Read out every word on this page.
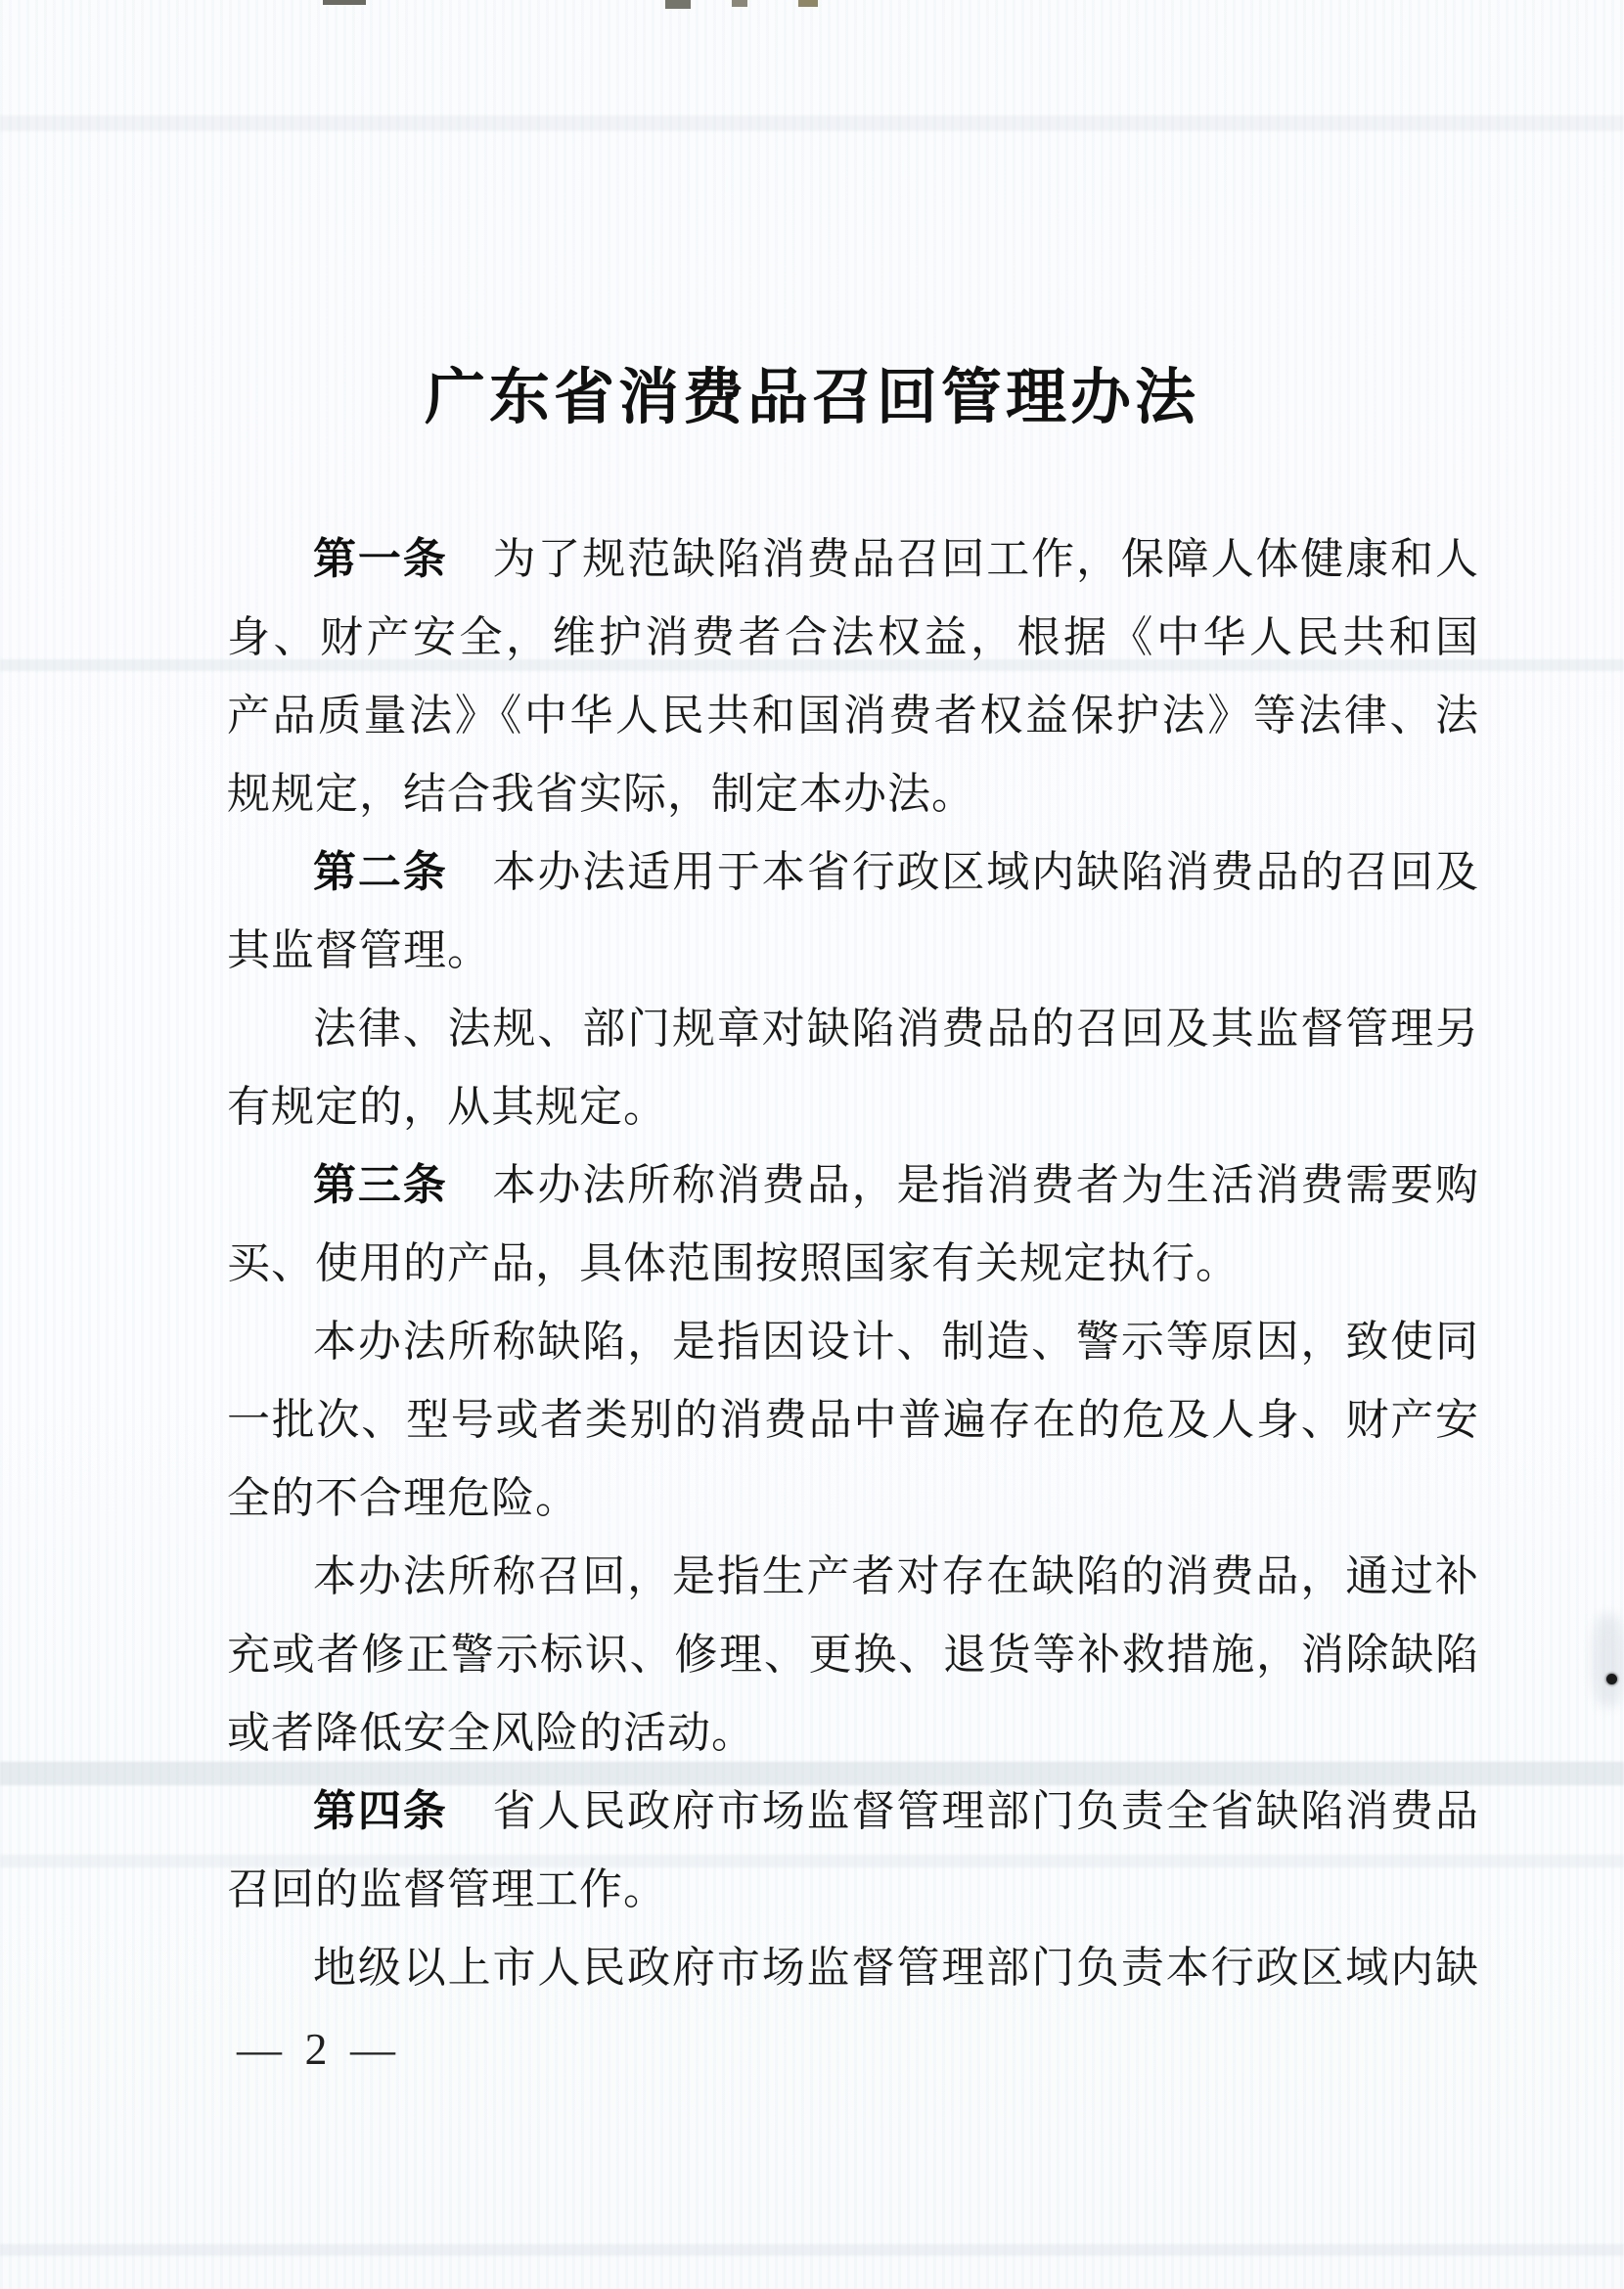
广东省消费品召回管理办法
第一条　 为了规范缺陷消费品召回工作，保障人体健康和人
身、财产安全，维护消费者合法权益，根据《中华人民共和国
产品质量法》《中华人民共和国消费者权益保护法》等法律、法
规规定，结合我省实际，制定本办法。
第二条　 本办法适用于本省行政区域内缺陷消费品的召回及
其监督管理。
法律、法规、部门规章对缺陷消费品的召回及其监督管理另
有规定的，从其规定。
第三条　 本办法所称消费品，是指消费者为生活消费需要购
买、使用的产品，具体范围按照国家有关规定执行。
本办法所称缺陷，是指因设计、制造、警示等原因，致使同
一批次、型号或者类别的消费品中普遍存在的危及人身、财产安
全的不合理危险。
本办法所称召回，是指生产者对存在缺陷的消费品，通过补
充或者修正警示标识、修理、更换、退货等补救措施，消除缺陷
或者降低安全风险的活动。
第四条　 省人民政府市场监督管理部门负责全省缺陷消费品
召回的监督管理工作。
地级以上市人民政府市场监督管理部门负责本行政区域内缺
— 2 —
